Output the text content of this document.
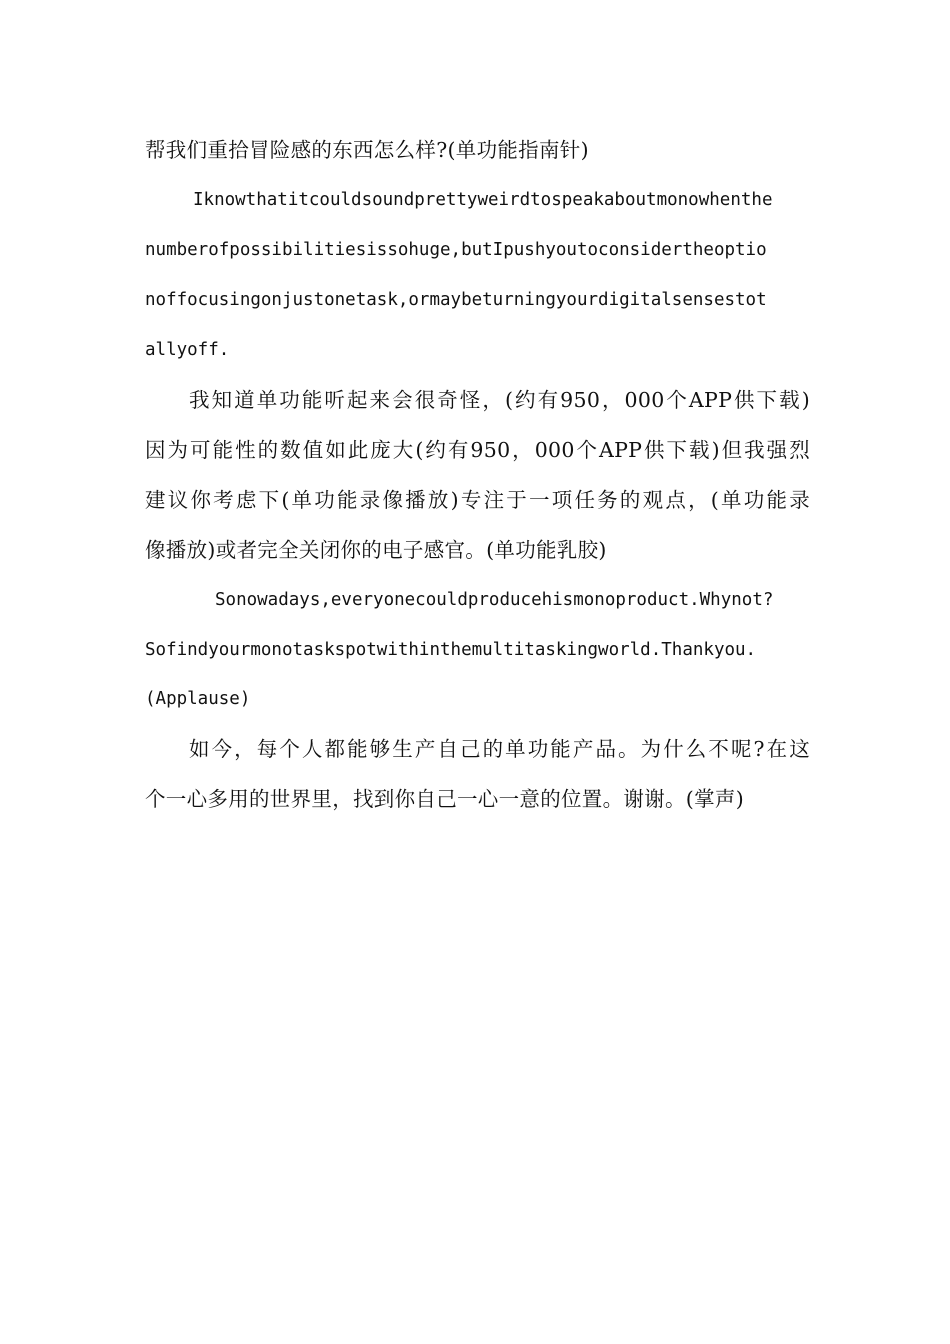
帮我们重拾冒险感的东西怎么样?(单功能指南针)
Iknowthatitcouldsoundprettyweirdtospeakaboutmonowhenthe
numberofpossibilitiesissohuge,butIpushyoutoconsidertheoptio
noffocusingonjustonetask,ormaybeturningyourdigitalsensestot
allyoff.
我知道单功能听起来会很奇怪，(约有950，000个APP供下载)
因为可能性的数值如此庞大(约有950，000个APP供下载)但我强烈
建议你考虑下(单功能录像播放)专注于一项任务的观点，(单功能录
像播放)或者完全关闭你的电子感官。(单功能乳胶)
Sonowadays,everyonecouldproducehismonoproduct.Whynot?
Sofindyourmonotaskspotwithinthemultitaskingworld.Thankyou.
(Applause)
如今，每个人都能够生产自己的单功能产品。为什么不呢?在这
个一心多用的世界里，找到你自己一心一意的位置。谢谢。(掌声)
